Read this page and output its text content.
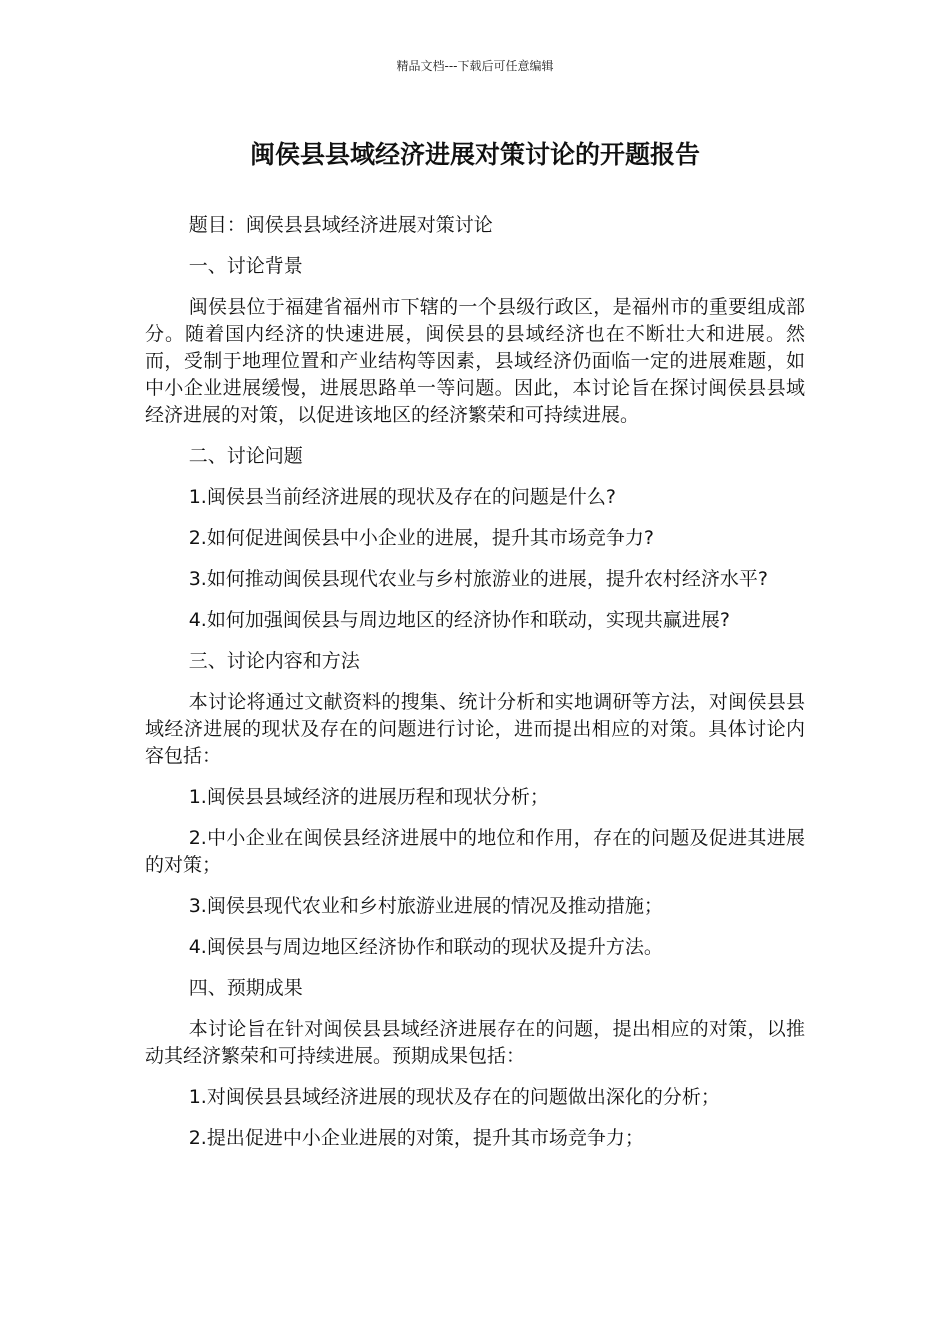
精品文档---下载后可任意编辑
闽侯县县域经济进展对策讨论的开题报告

题目：闽侯县县域经济进展对策讨论

一、讨论背景

闽侯县位于福建省福州市下辖的一个县级行政区，是福州市的重要组成部分。随着国内经济的快速进展，闽侯县的县域经济也在不断壮大和进展。然而，受制于地理位置和产业结构等因素，县域经济仍面临一定的进展难题，如中小企业进展缓慢，进展思路单一等问题。因此，本讨论旨在探讨闽侯县县域经济进展的对策，以促进该地区的经济繁荣和可持续进展。

二、讨论问题

1.闽侯县当前经济进展的现状及存在的问题是什么?

2.如何促进闽侯县中小企业的进展，提升其市场竞争力?

3.如何推动闽侯县现代农业与乡村旅游业的进展，提升农村经济水平?

4.如何加强闽侯县与周边地区的经济协作和联动，实现共赢进展?

三、讨论内容和方法

本讨论将通过文献资料的搜集、统计分析和实地调研等方法，对闽侯县县域经济进展的现状及存在的问题进行讨论，进而提出相应的对策。具体讨论内容包括：

1.闽侯县县域经济的进展历程和现状分析；

2.中小企业在闽侯县经济进展中的地位和作用，存在的问题及促进其进展的对策；

3.闽侯县现代农业和乡村旅游业进展的情况及推动措施；

4.闽侯县与周边地区经济协作和联动的现状及提升方法。

四、预期成果

本讨论旨在针对闽侯县县域经济进展存在的问题，提出相应的对策，以推动其经济繁荣和可持续进展。预期成果包括：

1.对闽侯县县域经济进展的现状及存在的问题做出深化的分析；

2.提出促进中小企业进展的对策，提升其市场竞争力；
